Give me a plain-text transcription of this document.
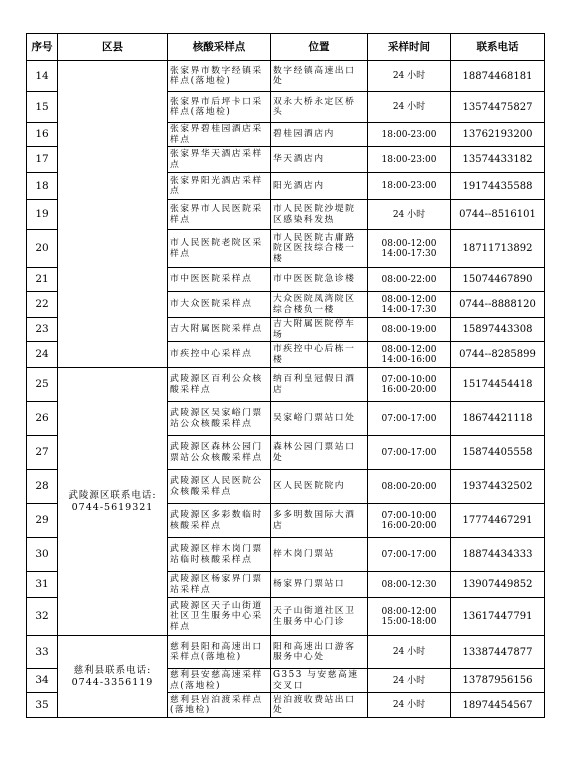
序号	区县	核酸采样点	位置	采样时间	联系电话
14		张家界市数字经镇采样点(落地检)	数字经镇高速出口处	24 小时	18874468181
15		张家界市后坪卡口采样点(落地检)	双永大桥永定区桥头	24 小时	13574475827
16		张家界碧桂园酒店采样点	碧桂园酒店内	18:00-23:00	13762193200
17		张家界华天酒店采样点	华天酒店内	18:00-23:00	13574433182
18		张家界阳光酒店采样点	阳光酒店内	18:00-23:00	19174435588
19		张家界市人民医院采样点	市人民医院沙堤院区感染科发热	24 小时	0744--8516101
20		市人民医院老院区采样点	市人民医院古庸路院区医技综合楼一楼	08:00-12:00
14:00-17:30	18711713892
21		市中医医院采样点	市中医医院急诊楼	08:00-22:00	15074467890
22		市大众医院采样点	大众医院凤湾院区综合楼负一楼	08:00-12:00
14:00-17:30	0744--8888120
23		吉大附属医院采样点	吉大附属医院停车场	08:00-19:00	15897443308
24		市疾控中心采样点	市疾控中心后栋一楼	08:00-12:00
14:00-16:00	0744--8285899
25	武陵源区联系电话:
0744-5619321	武陵源区百利公众核酸采样点	纳百利皇冠假日酒店	07:00-10:00
16:00-20:00	15174454418
26		武陵源区吴家峪门票站公众核酸采样点	吴家峪门票站口处	07:00-17:00	18674421118
27		武陵源区森林公园门票站公众核酸采样点	森林公园门票站口处	07:00-17:00	15874405558
28		武陵源区人民医院公众核酸采样点	区人民医院院内	08:00-20:00	19374432502
29		武陵源区多彩数临时核酸采样点	多多明数国际大酒店	07:00-10:00
16:00-20:00	17774467291
30		武陵源区梓木岗门票站临时核酸采样点	梓木岗门票站	07:00-17:00	18874434333
31		武陵源区杨家界门票站采样点	杨家界门票站口	08:00-12:30	13907449852
32		武陵源区天子山街道社区卫生服务中心采样点	天子山街道社区卫生服务中心门诊	08:00-12:00
15:00-18:00	13617447791
33	慈利县联系电话:
0744-3356119	慈利县阳和高速出口采样点(落地检)	阳和高速出口游客服务中心处	24 小时	13387447877
34		慈利县安慈高速采样点(落地检)	G353 与安慈高速交叉口	24 小时	13787956156
35		慈利县岩泊渡采样点(落地检)	岩泊渡收费站出口处	24 小时	18974454567
